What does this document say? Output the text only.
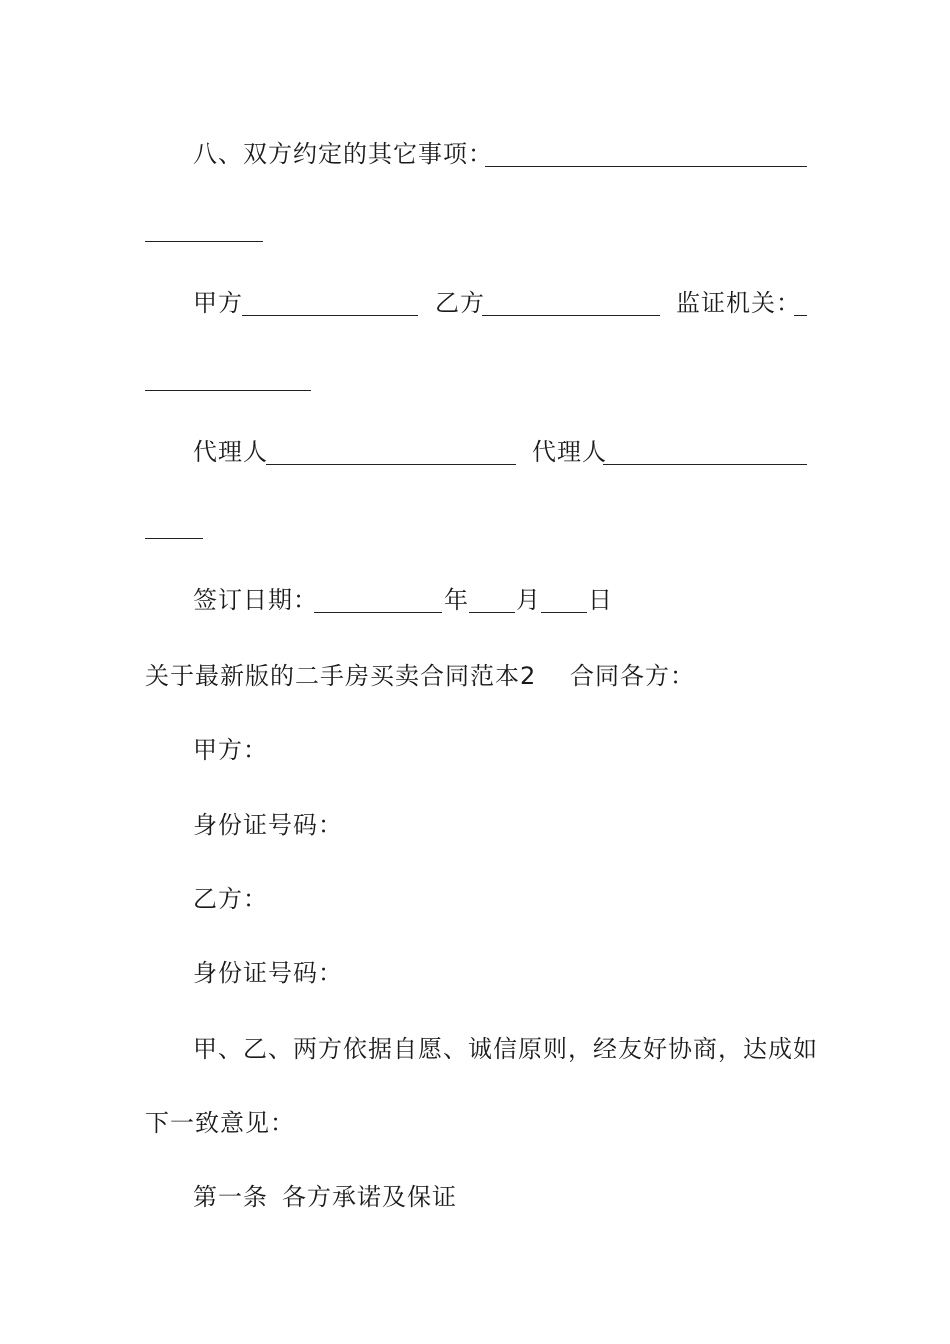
八、双方约定的其它事项：
甲方	乙方	监证机关：
代理人	代理人
签订日期：	年 月 日
关于最新版的二手房买卖合同范本2	合同各方：
甲方：
身份证号码：
乙方：
身份证号码：
甲、乙、两方依据自愿、诚信原则，经友好协商，达成如
下一致意见：
第一条 各方承诺及保证
